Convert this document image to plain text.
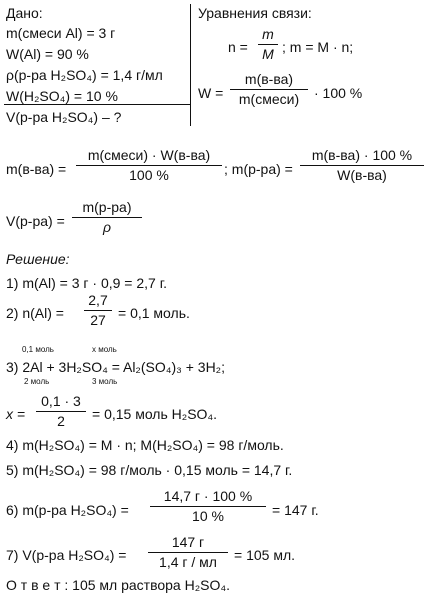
Дано:
m(смеси Al) = 3 г
W(Al) = 90 %
ρ(р-ра H₂SO₄) = 1,4 г/мл
W(H₂SO₄) = 10 %
V(р-ра H₂SO₄) – ?
Уравнения связи:
n =
m
M ; m = M · n;
W =
m(в-ва)
m(смеси)	· 100 %
m(в-ва) =
m(смеси) · W(в-ва)
100 %	; m(р-ра) =
m(в-ва) · 100 %
W(в-ва)
V(р-ра) =
m(р-ра)
ρ
Решение:
1) m(Al) = 3 г · 0,9 = 2,7 г.
2) n(Al) =
2,7
27 = 0,1 моль.
0,1 моль	x моль
3) 2Al + 3H₂SO₄ = Al₂(SO₄)₃ + 3H₂;
2 моль	3 моль
x =
0,1 · 3
2	= 0,15 моль H₂SO₄.
4) m(H₂SO₄) = M · n; M(H₂SO₄) = 98 г/моль.
5) m(H₂SO₄) = 98 г/моль · 0,15 моль = 14,7 г.
6) m(р-ра H₂SO₄) =
14,7 г · 100 %
10 %	= 147 г.
7) V(р-ра H₂SO₄) =
147 г
1,4 г / мл	= 105 мл.
О т в е т : 105 мл раствора H₂SO₄.
